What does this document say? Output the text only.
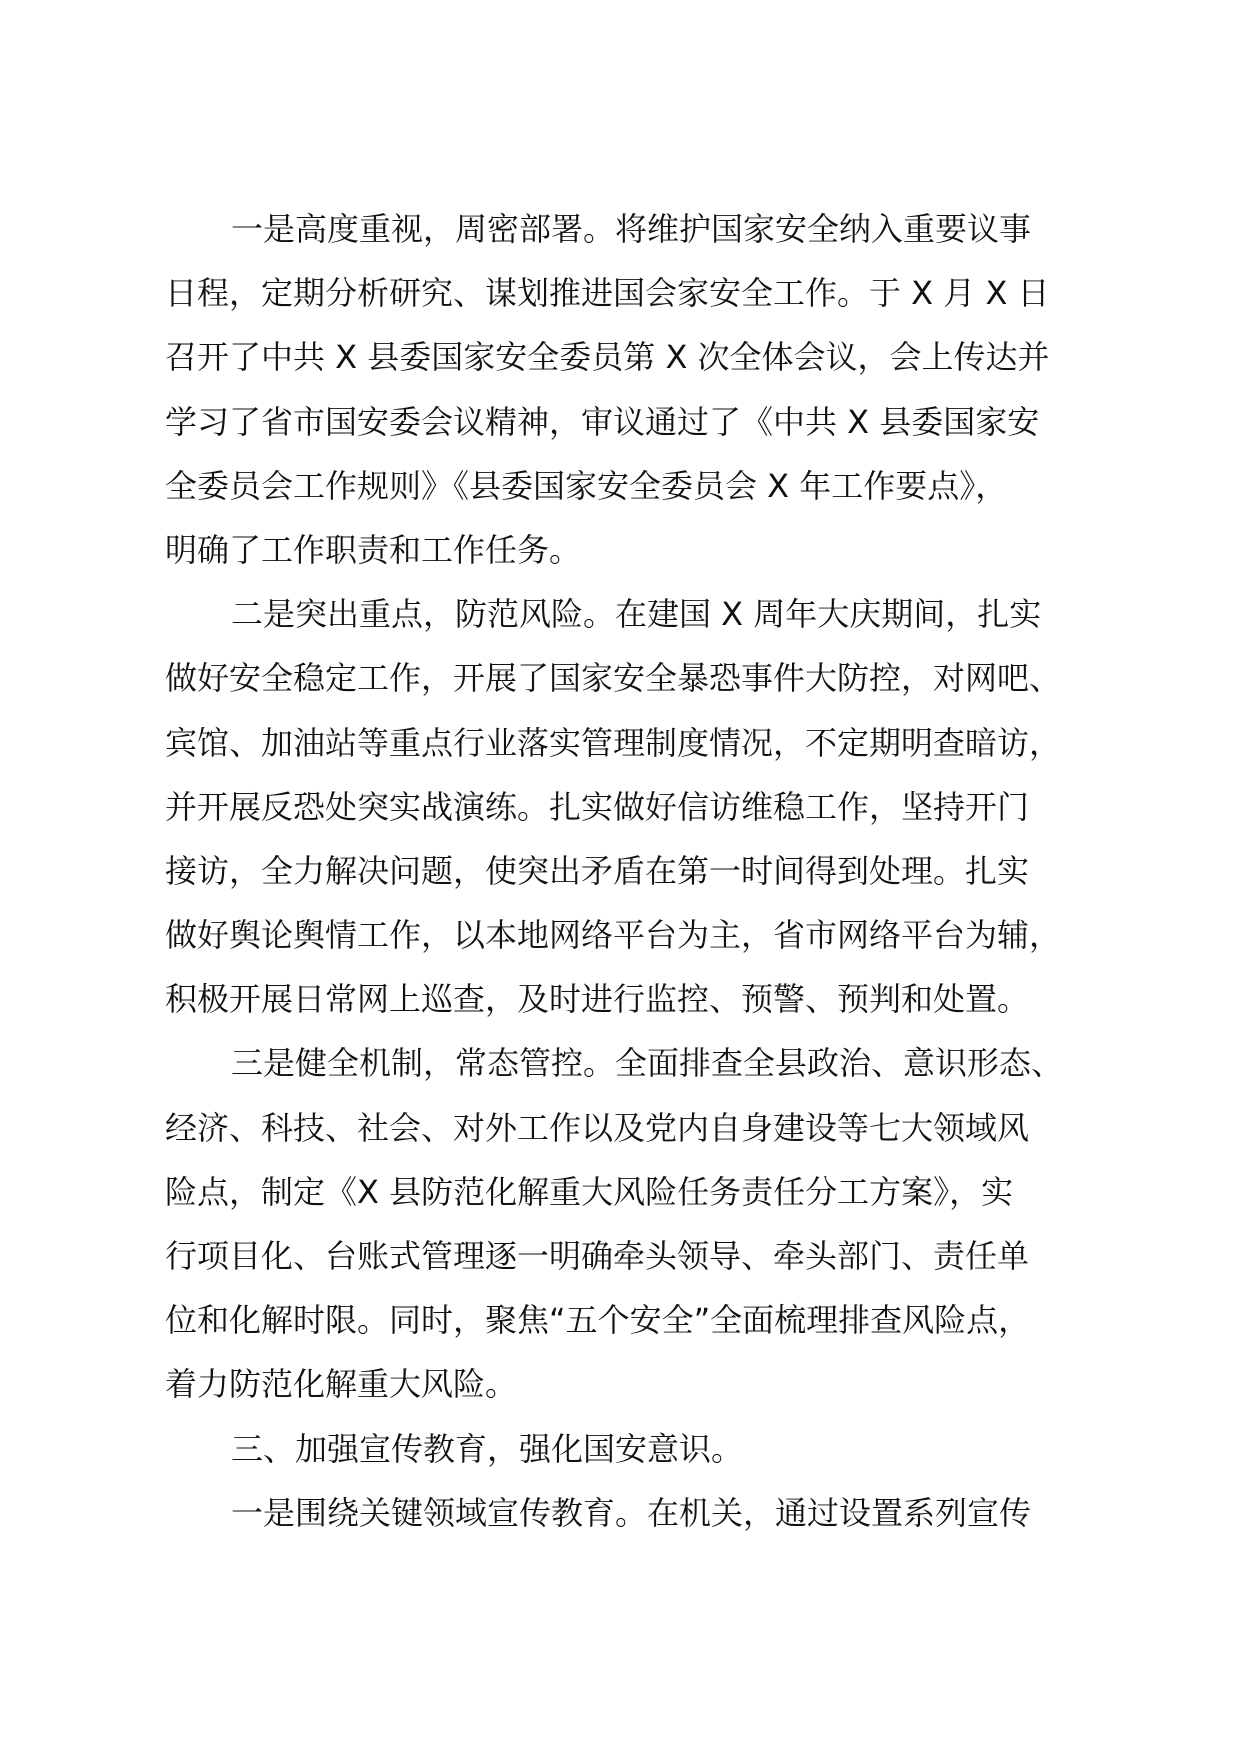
一是高度重视，周密部署。将维护国家安全纳入重要议事
日程，定期分析研究、谋划推进国会家安全工作。于 X 月 X 日
召开了中共 X 县委国家安全委员第 X 次全体会议，会上传达并
学习了省市国安委会议精神，审议通过了《中共 X 县委国家安
全委员会工作规则》《县委国家安全委员会 X 年工作要点》，
明确了工作职责和工作任务。
二是突出重点，防范风险。在建国 X 周年大庆期间，扎实
做好安全稳定工作，开展了国家安全暴恐事件大防控，对网吧、
宾馆、加油站等重点行业落实管理制度情况，不定期明查暗访，
并开展反恐处突实战演练。扎实做好信访维稳工作，坚持开门
接访，全力解决问题，使突出矛盾在第一时间得到处理。扎实
做好舆论舆情工作，以本地网络平台为主，省市网络平台为辅，
积极开展日常网上巡查，及时进行监控、预警、预判和处置。
三是健全机制，常态管控。全面排查全县政治、意识形态、
经济、科技、社会、对外工作以及党内自身建设等七大领域风
险点，制定《X 县防范化解重大风险任务责任分工方案》，实
行项目化、台账式管理逐一明确牵头领导、牵头部门、责任单
位和化解时限。同时，聚焦“五个安全”全面梳理排查风险点，
着力防范化解重大风险。
三、加强宣传教育，强化国安意识。
一是围绕关键领域宣传教育。在机关，通过设置系列宣传
